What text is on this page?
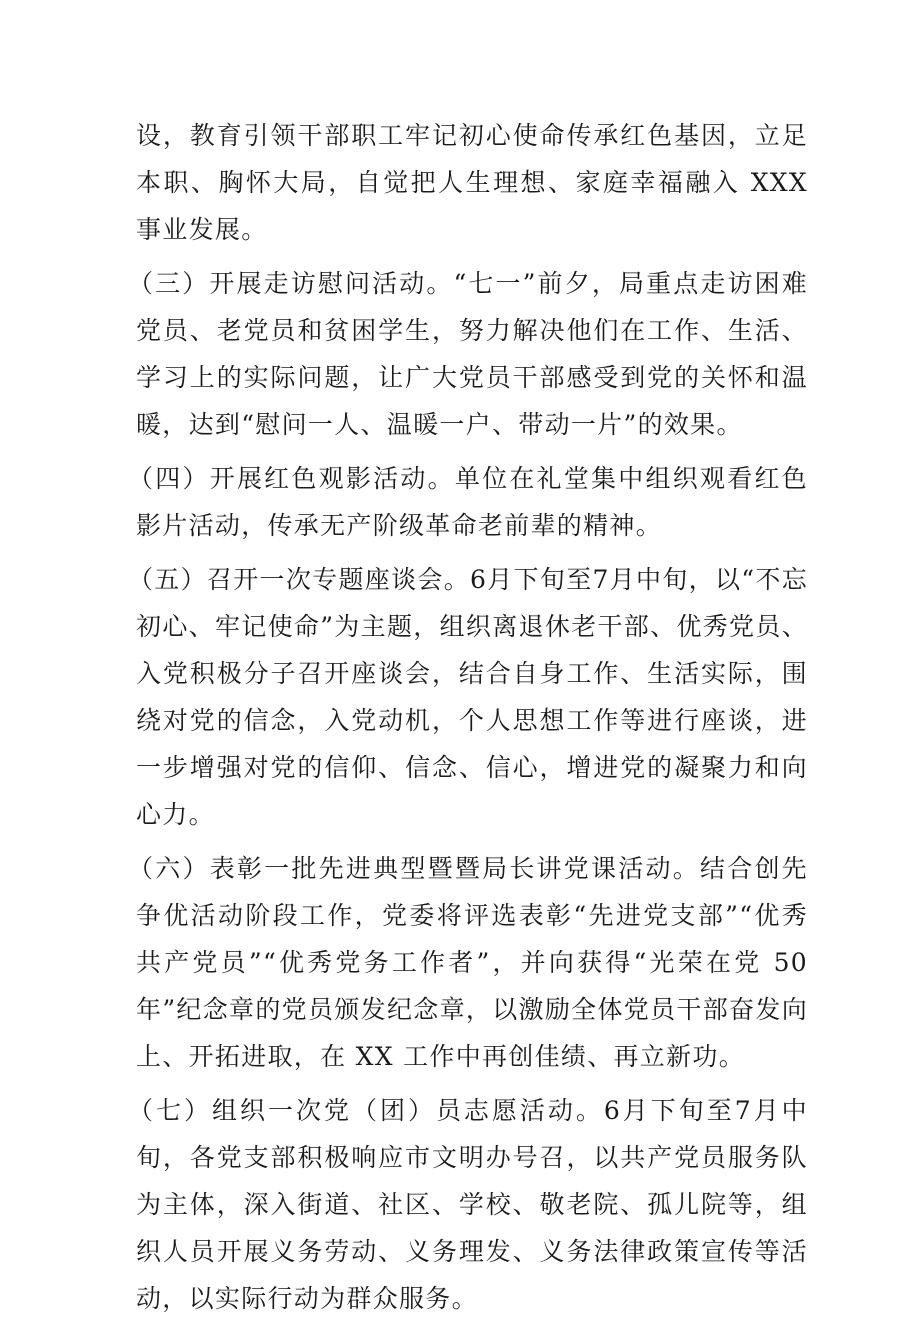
设，教育引领干部职工牢记初心使命传承红色基因，立足本职、胸怀大局，自觉把人生理想、家庭幸福融入 XXX 事业发展。

（三）开展走访慰问活动。“七一”前夕，局重点走访困难党员、老党员和贫困学生，努力解决他们在工作、生活、学习上的实际问题，让广大党员干部感受到党的关怀和温暖，达到“慰问一人、温暖一户、带动一片”的效果。

（四）开展红色观影活动。单位在礼堂集中组织观看红色影片活动，传承无产阶级革命老前辈的精神。

（五）召开一次专题座谈会。6月下旬至7月中旬，以“不忘初心、牢记使命”为主题，组织离退休老干部、优秀党员、入党积极分子召开座谈会，结合自身工作、生活实际，围绕对党的信念，入党动机，个人思想工作等进行座谈，进一步增强对党的信仰、信念、信心，增进党的凝聚力和向心力。

（六）表彰一批先进典型暨暨局长讲党课活动。结合创先争优活动阶段工作，党委将评选表彰“先进党支部”“优秀共产党员”“优秀党务工作者”，并向获得“光荣在党 50 年”纪念章的党员颁发纪念章，以激励全体党员干部奋发向上、开拓进取，在 XX 工作中再创佳绩、再立新功。

（七）组织一次党（团）员志愿活动。6月下旬至7月中旬，各党支部积极响应市文明办号召，以共产党员服务队为主体，深入街道、社区、学校、敬老院、孤儿院等，组织人员开展义务劳动、义务理发、义务法律政策宣传等活动，以实际行动为群众服务。
